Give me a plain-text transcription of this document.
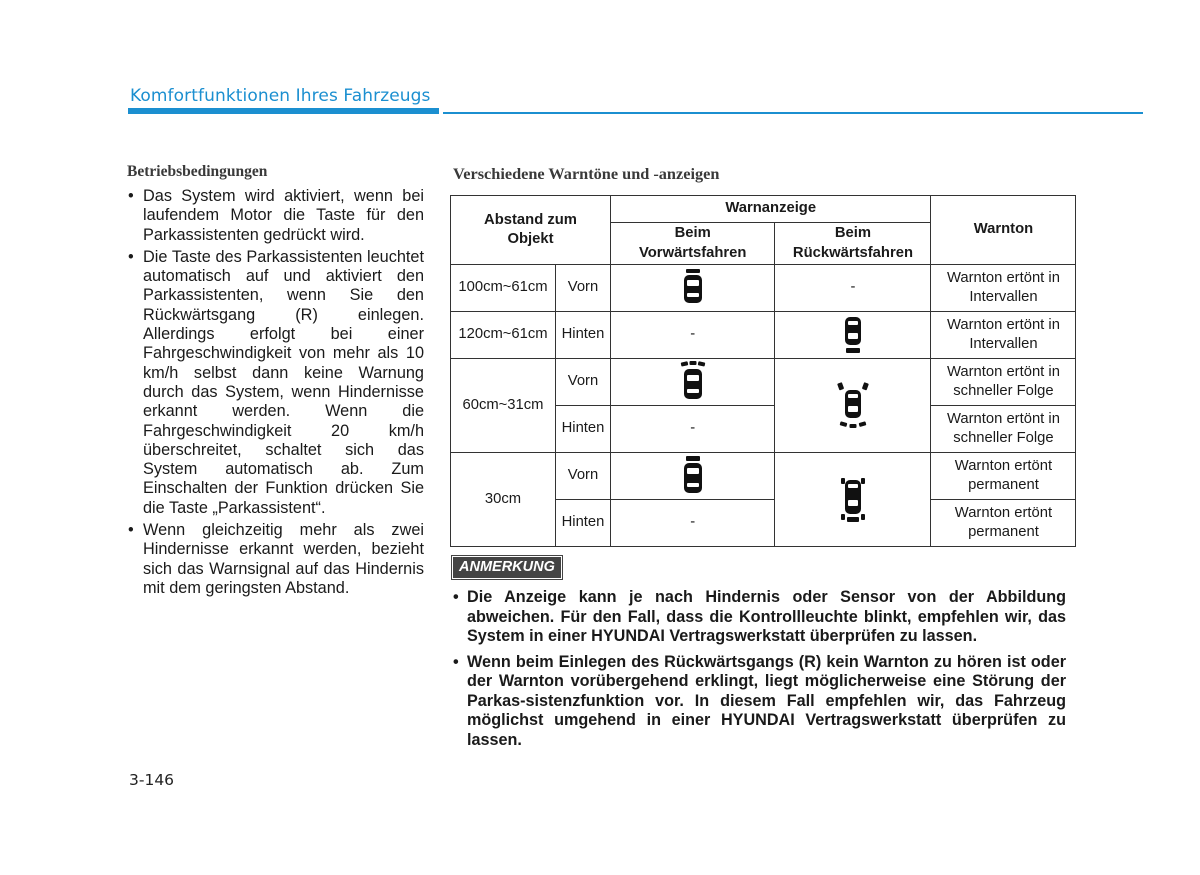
Komfortfunktionen Ihres Fahrzeugs
Betriebsbedingungen
• Das System wird aktiviert, wenn bei laufendem Motor die Taste für den Parkassistenten gedrückt wird.
• Die Taste des Parkassistenten leuchtet automatisch auf und aktiviert den Parkassistenten, wenn Sie den Rückwärtsgang (R) einlegen. Allerdings erfolgt bei einer Fahrgeschwindigkeit von mehr als 10 km/h selbst dann keine Warnung durch das System, wenn Hindernisse erkannt werden. Wenn die Fahrgeschwindigkeit 20 km/h überschreitet, schaltet sich das System automatisch ab. Zum Einschalten der Funktion drücken Sie die Taste „Parkassistent“.
• Wenn gleichzeitig mehr als zwei Hindernisse erkannt werden, bezieht sich das Warnsignal auf das Hindernis mit dem geringsten Abstand.
Verschiedene Warntöne und -anzeigen
Abstand zum Objekt		Warnanzeige		Warnton
		Beim Vorwärtsfahren	Beim Rückwärtsfahren	
100cm~61cm	Vorn		-	Warnton ertönt in Intervallen
120cm~61cm	Hinten	-		Warnton ertönt in Intervallen
60cm~31cm	Vorn			Warnton ertönt in schneller Folge
	Hinten	-		Warnton ertönt in schneller Folge
30cm	Vorn			Warnton ertönt permanent
	Hinten	-		Warnton ertönt permanent
ANMERKUNG
• Die Anzeige kann je nach Hindernis oder Sensor von der Abbildung abweichen. Für den Fall, dass die Kontrollleuchte blinkt, empfehlen wir, das System in einer HYUNDAI Vertragswerkstatt überprüfen zu lassen.
• Wenn beim Einlegen des Rückwärtsgangs (R) kein Warnton zu hören ist oder der Warnton vorübergehend erklingt, liegt möglicherweise eine Störung der Parkas-sistenzfunktion vor. In diesem Fall empfehlen wir, das Fahrzeug möglichst umgehend in einer HYUNDAI Vertragswerkstatt überprüfen zu lassen.
3-146
